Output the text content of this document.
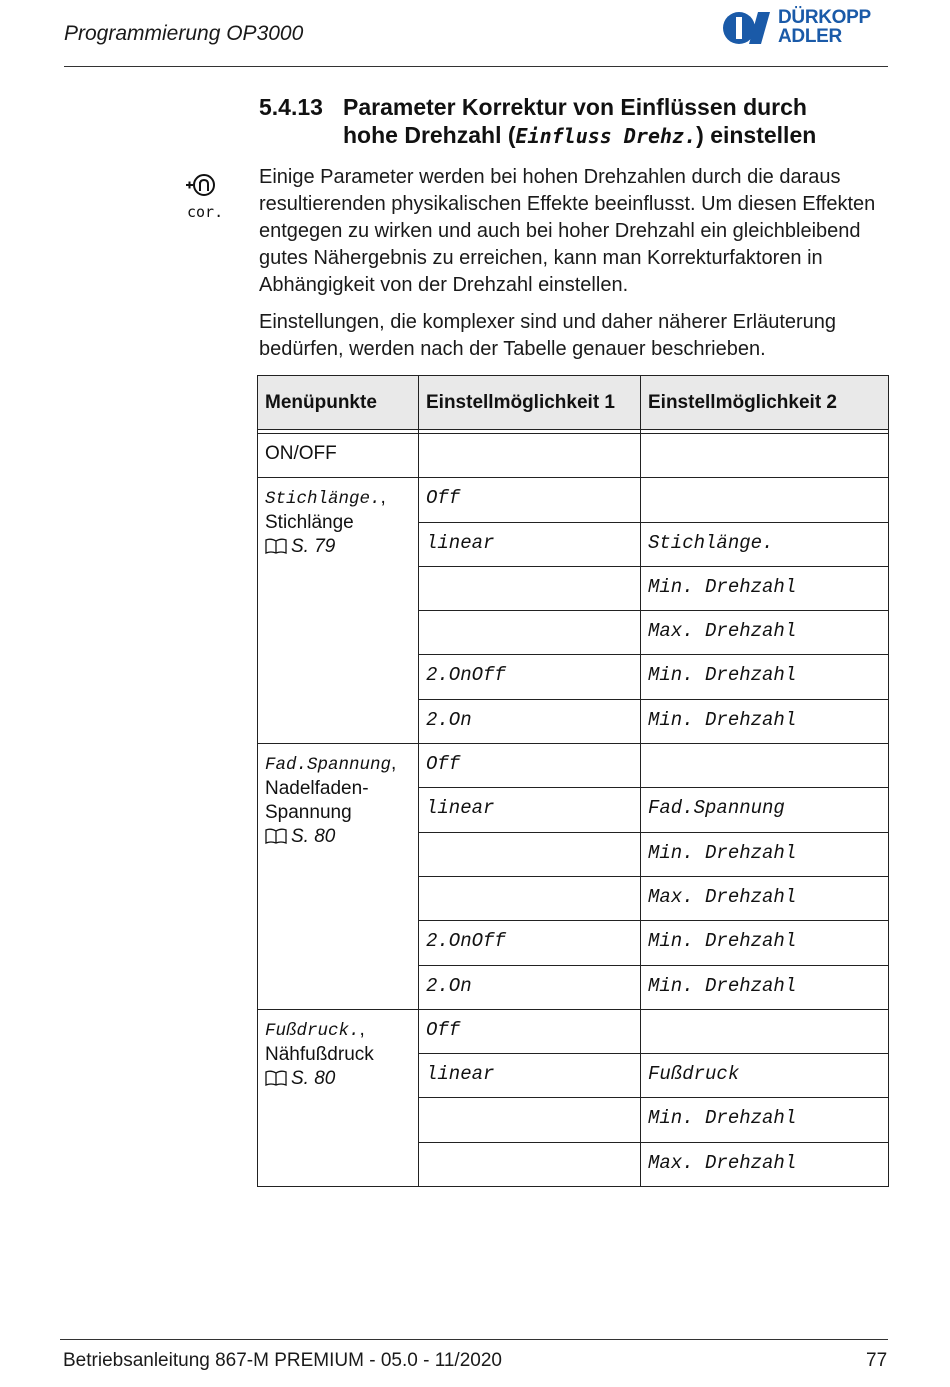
Programmierung OP3000
DÜRKOPP
ADLER
5.4.13 Parameter Korrektur von Einflüssen durch
hohe Drehzahl (Einfluss Drehz.) einstellen
cor.

Einige Parameter werden bei hohen Drehzahlen durch die daraus resultierenden physikalischen Effekte beeinflusst. Um diesen Effekten entgegen zu wirken und auch bei hoher Drehzahl ein gleichbleibend gutes Nähergebnis zu erreichen, kann man Korrekturfaktoren in Abhängigkeit von der Drehzahl einstellen.

Einstellungen, die komplexer sind und daher näherer Erläuterung bedürfen, werden nach der Tabelle genauer beschrieben.

Menüpunkte	Einstellmöglichkeit 1	Einstellmöglichkeit 2

ON/OFF		
Stichlänge.,
Stichlänge
S. 79	Off	
	linear	Stichlänge.
		Min. Drehzahl
		Max. Drehzahl
	2.OnOff	Min. Drehzahl
	2.On	Min. Drehzahl
Fad.Spannung,
Nadelfaden-
Spannung
S. 80	Off	
	linear	Fad.Spannung
		Min. Drehzahl
		Max. Drehzahl
	2.OnOff	Min. Drehzahl
	2.On	Min. Drehzahl
Fußdruck.,
Nähfußdruck
S. 80	Off	
	linear	Fußdruck
		Min. Drehzahl
		Max. Drehzahl
Betriebsanleitung 867-M PREMIUM - 05.0 - 11/2020	77
